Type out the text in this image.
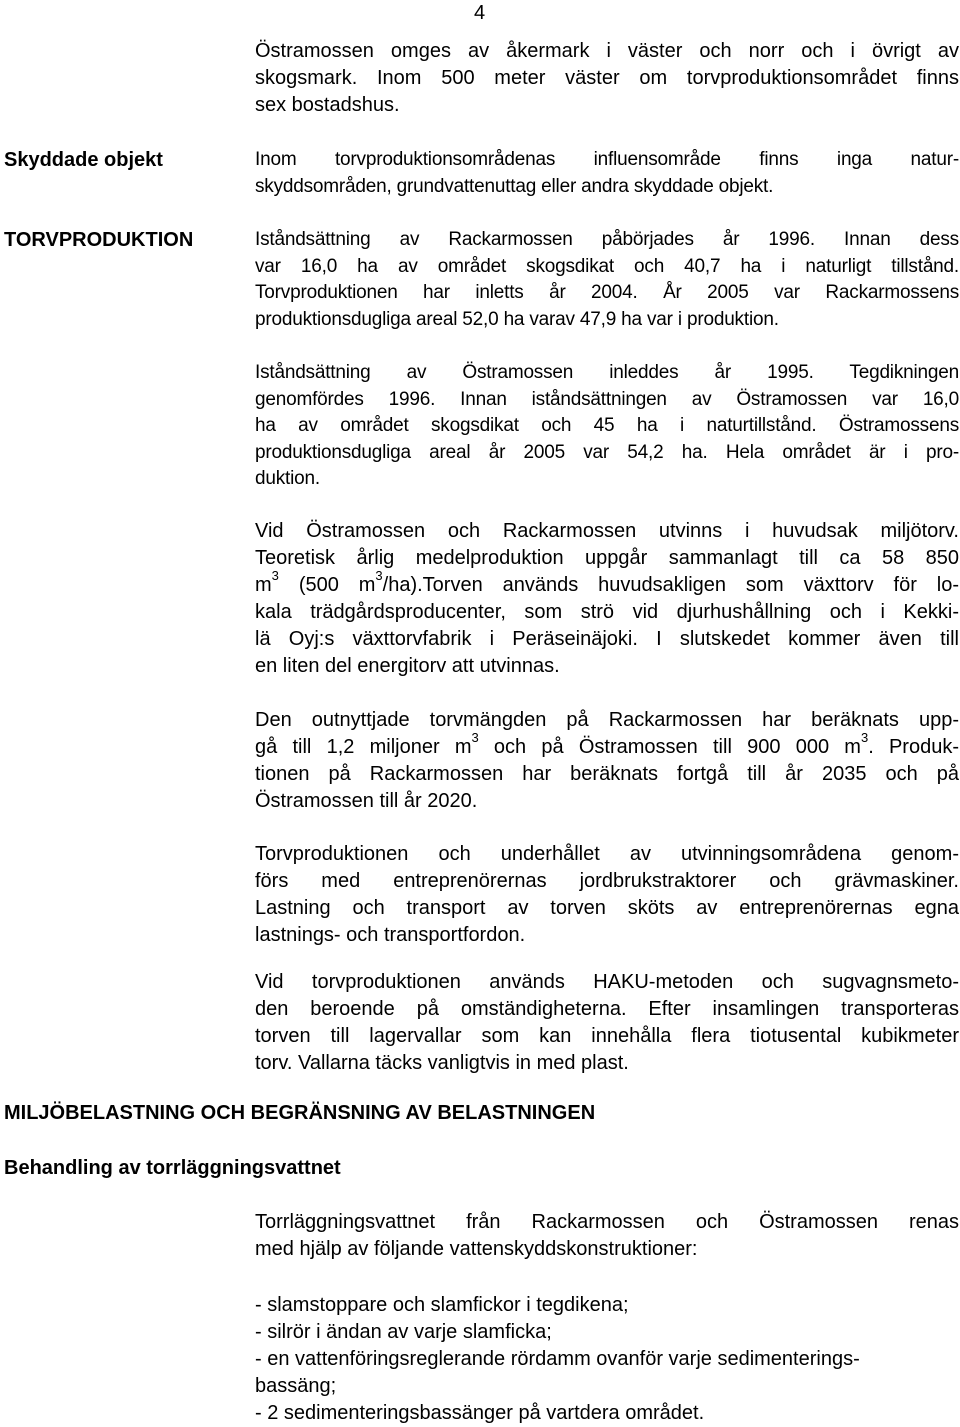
4

Östramossen omges av åkermark i väster och norr och i övrigt av
skogsmark. Inom 500 meter väster om torvproduktionsområdet finns
sex bostadshus.

Skyddade objekt	Inom torvproduktionsområdenas influensområde finns inga natur-
skyddsområden, grundvattenuttag eller andra skyddade objekt.

TORVPRODUKTION	Iståndsättning av Rackarmossen påbörjades år 1996. Innan dess
var 16,0 ha av området skogsdikat och 40,7 ha i naturligt tillstånd.
Torvproduktionen har inletts år 2004. År 2005 var Rackarmossens
produktionsdugliga areal 52,0 ha varav 47,9 ha var i produktion.

Iståndsättning av Östramossen inleddes år 1995. Tegdikningen
genomfördes 1996. Innan iståndsättningen av Östramossen var 16,0
ha av området skogsdikat och 45 ha i naturtillstånd. Östramossens
produktionsdugliga areal år 2005 var 54,2 ha. Hela området är i pro-
duktion.

Vid Östramossen och Rackarmossen utvinns i huvudsak miljötorv.
Teoretisk årlig medelproduktion uppgår sammanlagt till ca 58 850
$m^3$ (500 $m^3/ha).Torven$ används huvudsakligen som växttorv för lo-
kala trädgårdsproducenter, som strö vid djurhushållning och i Kekki-
lä Oyj:s växttorvfabrik i Peräseinäjoki. I slutskedet kommer även till
en liten del energitorv att utvinnas.

Den outnyttjade torvmängden på Rackarmossen har beräknats upp-
gå till 1,2 miljoner $m^3$ och på Östramossen till 900 000 $m^3$. Produk-
tionen på Rackarmossen har beräknats fortgå till år 2035 och på
Östramossen till år 2020.

Torvproduktionen och underhållet av utvinningsområdena genom-
förs med entreprenörernas jordbrukstraktorer och grävmaskiner.
Lastning och transport av torven sköts av entreprenörernas egna
lastnings- och transportfordon.

Vid torvproduktionen används HAKU-metoden och sugvagnsmeto-
den beroende på omständigheterna. Efter insamlingen transporteras
torven till lagervallar som kan innehålla flera tiotusental kubikmeter
torv. Vallarna täcks vanligtvis in med plast.

MILJÖBELASTNING OCH BEGRÄNSNING AV BELASTNINGEN
Behandling av torrläggningsvattnet

Torrläggningsvattnet från Rackarmossen och Östramossen renas
med hjälp av följande vattenskyddskonstruktioner:

- slamstoppare och slamfickor i tegdikena;
- silrör i ändan av varje slamficka;
- en vattenföringsreglerande rördamm ovanför varje sedimenterings-
bassäng;
- 2 sedimenteringsbassänger på vartdera området.
